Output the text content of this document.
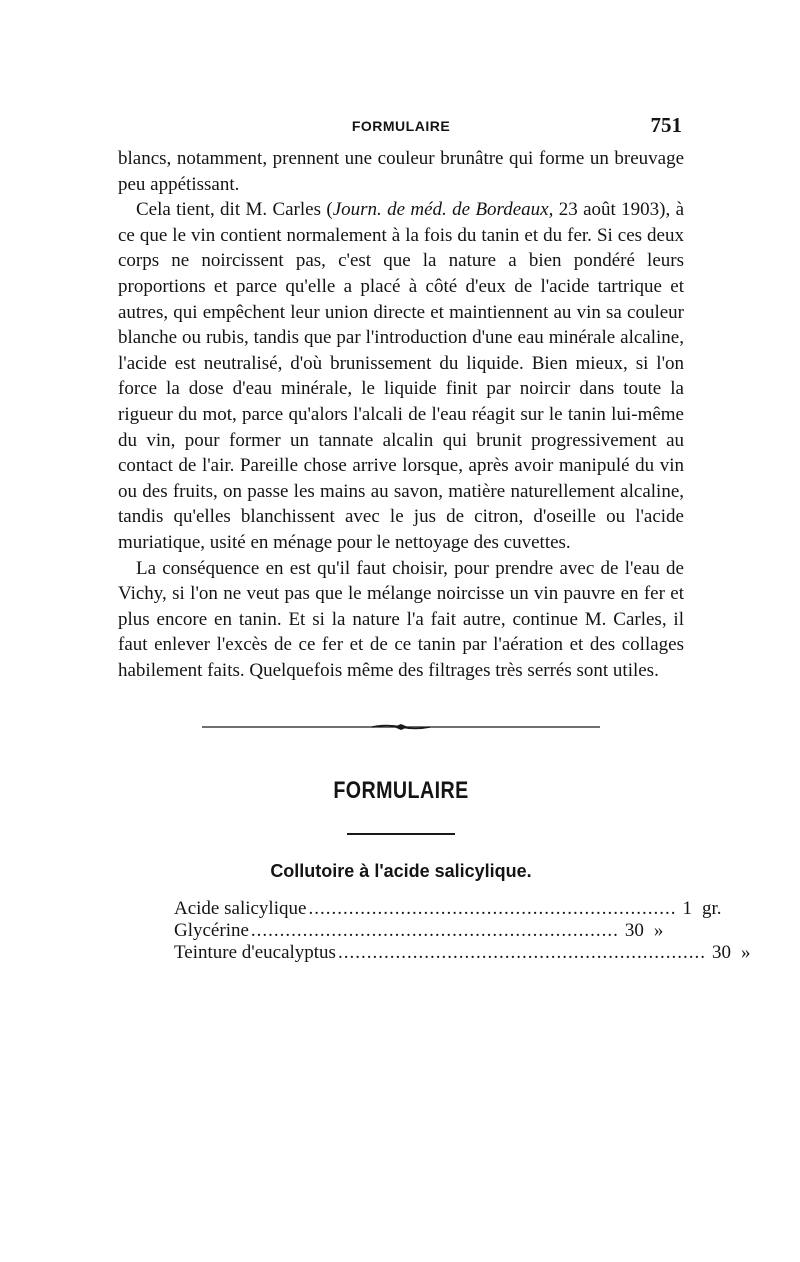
FORMULAIRE	751

blancs, notamment, prennent une couleur brunâtre qui forme un breuvage peu appétissant.

Cela tient, dit M. Carles (Journ. de méd. de Bordeaux, 23 août 1903), à ce que le vin contient normalement à la fois du tanin et du fer. Si ces deux corps ne noircissent pas, c'est que la nature a bien pondéré leurs proportions et parce qu'elle a placé à côté d'eux de l'acide tartrique et autres, qui empêchent leur union directe et maintiennent au vin sa couleur blanche ou rubis, tandis que par l'introduction d'une eau minérale alcaline, l'acide est neutralisé, d'où brunissement du liquide. Bien mieux, si l'on force la dose d'eau minérale, le liquide finit par noircir dans toute la rigueur du mot, parce qu'alors l'alcali de l'eau réagit sur le tanin lui-même du vin, pour former un tannate alcalin qui brunit progressivement au contact de l'air. Pareille chose arrive lorsque, après avoir manipulé du vin ou des fruits, on passe les mains au savon, matière naturellement alcaline, tandis qu'elles blanchissent avec le jus de citron, d'oseille ou l'acide muriatique, usité en ménage pour le nettoyage des cuvettes.

La conséquence en est qu'il faut choisir, pour prendre avec de l'eau de Vichy, si l'on ne veut pas que le mélange noircisse un vin pauvre en fer et plus encore en tanin. Et si la nature l'a fait autre, continue M. Carles, il faut enlever l'excès de ce fer et de ce tanin par l'aération et des collages habilement faits. Quelquefois même des filtrages très serrés sont utiles.

FORMULAIRE
Collutoire à l'acide salicylique.
Acide salicylique ................................................................ 1 gr.
Glycérine ................................................................ 30 »
Teinture d'eucalyptus ................................................................ 30 »
